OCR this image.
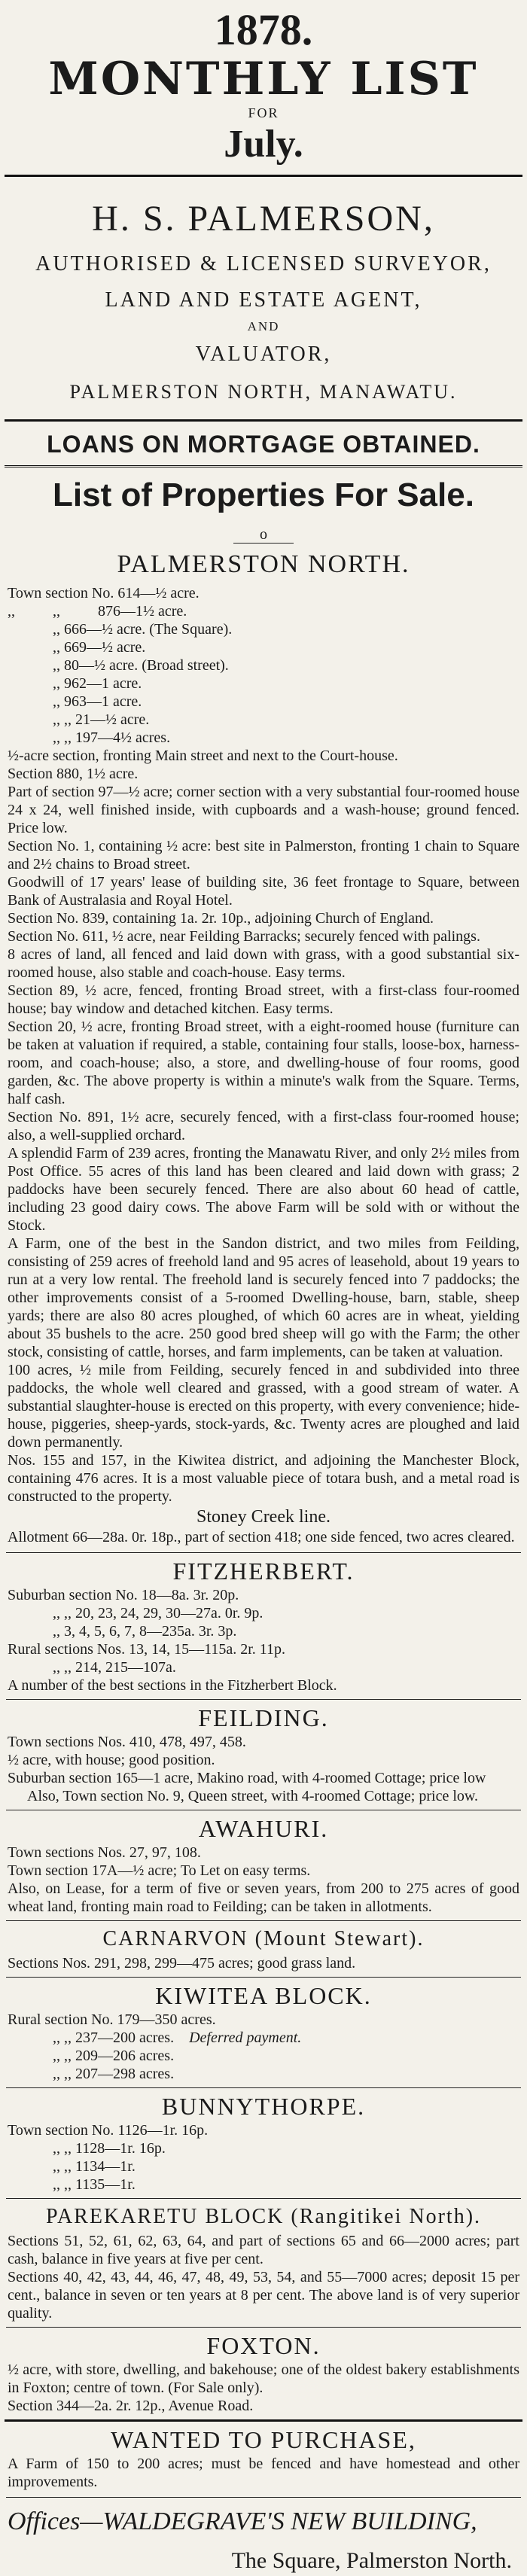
1878.
MONTHLY LIST
FOR
July.
H. S. PALMERSON,
AUTHORISED & LICENSED SURVEYOR,
LAND AND ESTATE AGENT,
AND
VALUATOR,
PALMERSTON NORTH, MANAWATU.
LOANS ON MORTGAGE OBTAINED.
List of Properties For Sale.
o
PALMERSTON NORTH.

Town section No. 614—½ acre.

,,	,,	876—1½ acre.

,, 666—½ acre. (The Square).

,, 669—½ acre.

,, 80—½ acre. (Broad street).

,, 962—1 acre.

,, 963—1 acre.

,, ,, 21—½ acre.

,, ,, 197—4½ acres.

½-acre section, fronting Main street and next to the Court-house.

Section 880, 1½ acre.

Part of section 97—½ acre; corner section with a very substantial four-roomed house 24 x 24, well finished inside, with cupboards and a wash-house; ground fenced. Price low.

Section No. 1, containing ½ acre: best site in Palmerston, fronting 1 chain to Square and 2½ chains to Broad street.

Goodwill of 17 years' lease of building site, 36 feet frontage to Square, between Bank of Australasia and Royal Hotel.

Section No. 839, containing 1a. 2r. 10p., adjoining Church of England.

Section No. 611, ½ acre, near Feilding Barracks; securely fenced with palings.

8 acres of land, all fenced and laid down with grass, with a good substantial six-roomed house, also stable and coach-house. Easy terms.

Section 89, ½ acre, fenced, fronting Broad street, with a first-class four-roomed house; bay window and detached kitchen. Easy terms.

Section 20, ½ acre, fronting Broad street, with a eight-roomed house (furniture can be taken at valuation if required, a stable, containing four stalls, loose-box, harness-room, and coach-house; also, a store, and dwelling-house of four rooms, good garden, &c. The above property is within a minute's walk from the Square. Terms, half cash.

Section No. 891, 1½ acre, securely fenced, with a first-class four-roomed house; also, a well-supplied orchard.

A splendid Farm of 239 acres, fronting the Manawatu River, and only 2½ miles from Post Office. 55 acres of this land has been cleared and laid down with grass; 2 paddocks have been securely fenced. There are also about 60 head of cattle, including 23 good dairy cows. The above Farm will be sold with or without the Stock.

A Farm, one of the best in the Sandon district, and two miles from Feilding, consisting of 259 acres of freehold land and 95 acres of leasehold, about 19 years to run at a very low rental. The freehold land is securely fenced into 7 paddocks; the other improvements consist of a 5-roomed Dwelling-house, barn, stable, sheep yards; there are also 80 acres ploughed, of which 60 acres are in wheat, yielding about 35 bushels to the acre. 250 good bred sheep will go with the Farm; the other stock, consisting of cattle, horses, and farm implements, can be taken at valuation.

100 acres, ½ mile from Feilding, securely fenced in and subdivided into three paddocks, the whole well cleared and grassed, with a good stream of water. A substantial slaughter-house is erected on this property, with every convenience; hide-house, piggeries, sheep-yards, stock-yards, &c. Twenty acres are ploughed and laid down permanently.

Nos. 155 and 157, in the Kiwitea district, and adjoining the Manchester Block, containing 476 acres. It is a most valuable piece of totara bush, and a metal road is constructed to the property.

Stoney Creek line.

Allotment 66—28a. 0r. 18p., part of section 418; one side fenced, two acres cleared.

FITZHERBERT.

Suburban section No. 18—8a. 3r. 20p.

,, ,, 20, 23, 24, 29, 30—27a. 0r. 9p.

,, 3, 4, 5, 6, 7, 8—235a. 3r. 3p.

Rural sections Nos. 13, 14, 15—115a. 2r. 11p.

,, ,, 214, 215—107a.

A number of the best sections in the Fitzherbert Block.

FEILDING.

Town sections Nos. 410, 478, 497, 458.

½ acre, with house; good position.

Suburban section 165—1 acre, Makino road, with 4-roomed Cottage; price low

Also, Town section No. 9, Queen street, with 4-roomed Cottage; price low.

AWAHURI.

Town sections Nos. 27, 97, 108.

Town section 17A—½ acre; To Let on easy terms.

Also, on Lease, for a term of five or seven years, from 200 to 275 acres of good wheat land, fronting main road to Feilding; can be taken in allotments.

CARNARVON (Mount Stewart).

Sections Nos. 291, 298, 299—475 acres; good grass land.

KIWITEA BLOCK.

Rural section No. 179—350 acres.

,, ,, 237—200 acres. Deferred payment.

,, ,, 209—206 acres.

,, ,, 207—298 acres.

BUNNYTHORPE.

Town section No. 1126—1r. 16p.

,, ,, 1128—1r. 16p.

,, ,, 1134—1r.

,, ,, 1135—1r.

PAREKARETU BLOCK (Rangitikei North).

Sections 51, 52, 61, 62, 63, 64, and part of sections 65 and 66—2000 acres; part cash, balance in five years at five per cent.

Sections 40, 42, 43, 44, 46, 47, 48, 49, 53, 54, and 55—7000 acres; deposit 15 per cent., balance in seven or ten years at 8 per cent. The above land is of very superior quality.

FOXTON.

½ acre, with store, dwelling, and bakehouse; one of the oldest bakery establishments in Foxton; centre of town. (For Sale only).

Section 344—2a. 2r. 12p., Avenue Road.

WANTED TO PURCHASE,

A Farm of 150 to 200 acres; must be fenced and have homestead and other improvements.

Offices—WALDEGRAVE'S NEW BUILDING,
The Square, Palmerston North.
